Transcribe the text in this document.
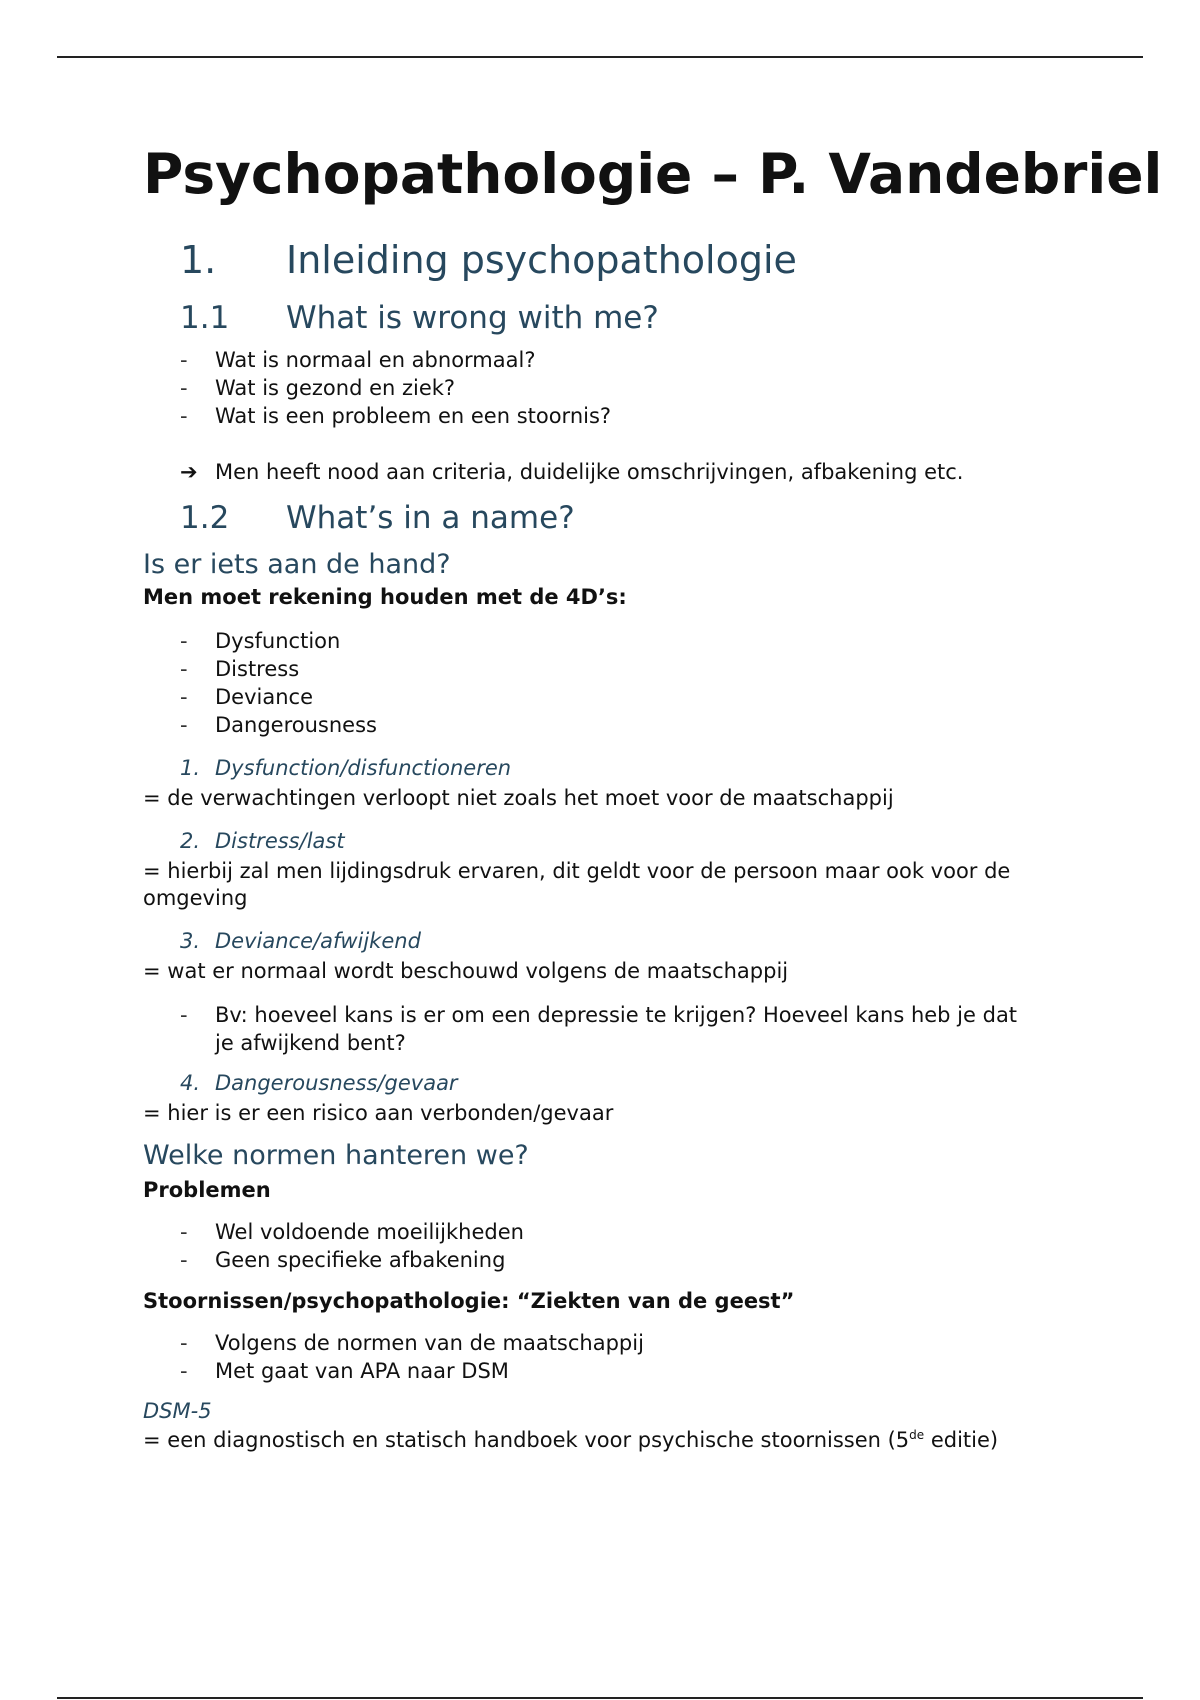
Psychopathologie – P. Vandebriel
1.	Inleiding psychopathologie
1.1	What is wrong with me?
-	Wat is normaal en abnormaal?
-	Wat is gezond en ziek?
-	Wat is een probleem en een stoornis?
➔ Men heeft nood aan criteria, duidelijke omschrijvingen, afbakening etc.
1.2	What’s in a name?
Is er iets aan de hand?

Men moet rekening houden met de 4D’s:

-	Dysfunction
-	Distress
-	Deviance
-	Dangerousness
1. Dysfunction/disfunctioneren

= de verwachtingen verloopt niet zoals het moet voor de maatschappij

2. Distress/last

= hierbij zal men lijdingsdruk ervaren, dit geldt voor de persoon maar ook voor de omgeving

3. Deviance/afwijkend

= wat er normaal wordt beschouwd volgens de maatschappij

-	Bv: hoeveel kans is er om een depressie te krijgen? Hoeveel kans heb je dat je afwijkend bent?
4. Dangerousness/gevaar

= hier is er een risico aan verbonden/gevaar

Welke normen hanteren we?

Problemen

-	Wel voldoende moeilijkheden
-	Geen specifieke afbakening

Stoornissen/psychopathologie: “Ziekten van de geest”

-	Volgens de normen van de maatschappij
-	Met gaat van APA naar DSM
DSM-5

= een diagnostisch en statisch handboek voor psychische stoornissen (5de editie)
